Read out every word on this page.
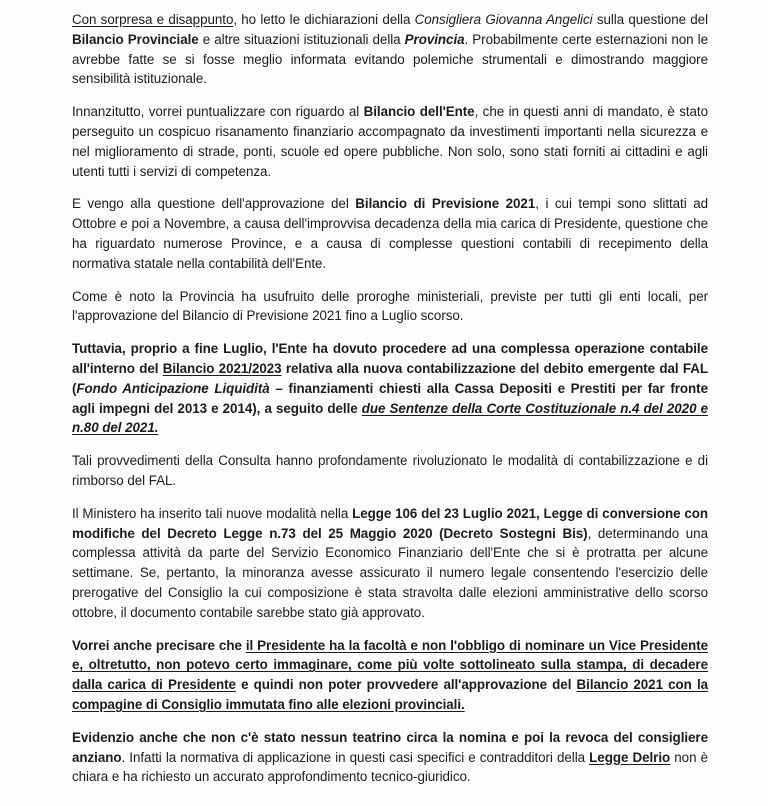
Con sorpresa e disappunto, ho letto le dichiarazioni della Consigliera Giovanna Angelici sulla questione del Bilancio Provinciale e altre situazioni istituzionali della Provincia. Probabilmente certe esternazioni non le avrebbe fatte se si fosse meglio informata evitando polemiche strumentali e dimostrando maggiore sensibilità istituzionale.

Innanzitutto, vorrei puntualizzare con riguardo al Bilancio dell'Ente, che in questi anni di mandato, è stato perseguito un cospicuo risanamento finanziario accompagnato da investimenti importanti nella sicurezza e nel miglioramento di strade, ponti, scuole ed opere pubbliche. Non solo, sono stati forniti ai cittadini e agli utenti tutti i servizi di competenza.

E vengo alla questione dell'approvazione del Bilancio di Previsione 2021, i cui tempi sono slittati ad Ottobre e poi a Novembre, a causa dell'improvvisa decadenza della mia carica di Presidente, questione che ha riguardato numerose Province, e a causa di complesse questioni contabili di recepimento della normativa statale nella contabilità dell'Ente.

Come è noto la Provincia ha usufruito delle proroghe ministeriali, previste per tutti gli enti locali, per l'approvazione del Bilancio di Previsione 2021 fino a Luglio scorso.

Tuttavia, proprio a fine Luglio, l'Ente ha dovuto procedere ad una complessa operazione contabile all'interno del Bilancio 2021/2023 relativa alla nuova contabilizzazione del debito emergente dal FAL (Fondo Anticipazione Liquidità – finanziamenti chiesti alla Cassa Depositi e Prestiti per far fronte agli impegni del 2013 e 2014), a seguito delle due Sentenze della Corte Costituzionale n.4 del 2020 e n.80 del 2021.

Tali provvedimenti della Consulta hanno profondamente rivoluzionato le modalità di contabilizzazione e di rimborso del FAL.

Il Ministero ha inserito tali nuove modalità nella Legge 106 del 23 Luglio 2021, Legge di conversione con modifiche del Decreto Legge n.73 del 25 Maggio 2020 (Decreto Sostegni Bis), determinando una complessa attività da parte del Servizio Economico Finanziario dell'Ente che si è protratta per alcune settimane. Se, pertanto, la minoranza avesse assicurato il numero legale consentendo l'esercizio delle prerogative del Consiglio la cui composizione è stata stravolta dalle elezioni amministrative dello scorso ottobre, il documento contabile sarebbe stato già approvato.

Vorrei anche precisare che il Presidente ha la facoltà e non l'obbligo di nominare un Vice Presidente e, oltretutto, non potevo certo immaginare, come più volte sottolineato sulla stampa, di decadere dalla carica di Presidente e quindi non poter provvedere all'approvazione del Bilancio 2021 con la compagine di Consiglio immutata fino alle elezioni provinciali.

Evidenzio anche che non c'è stato nessun teatrino circa la nomina e poi la revoca del consigliere anziano. Infatti la normativa di applicazione in questi casi specifici e contradditori della Legge Delrio non è chiara e ha richiesto un accurato approfondimento tecnico-giuridico.
